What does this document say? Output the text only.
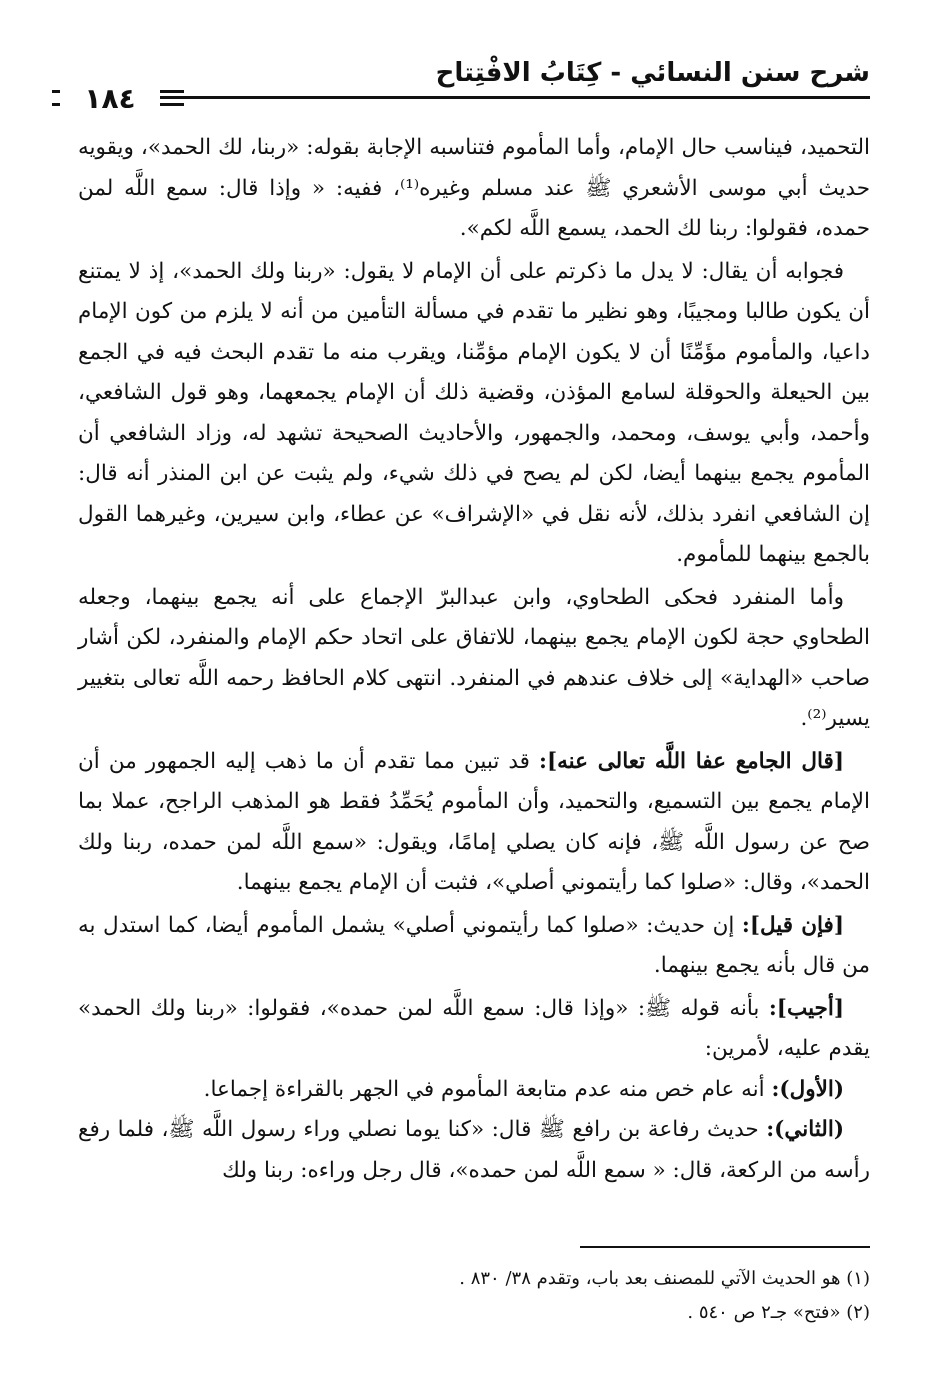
شرح سنن النسائي - كِتَابُ الافْتِتاح
١٨٤

التحميد، فيناسب حال الإمام، وأما المأموم فتناسبه الإجابة بقوله: «ربنا، لك الحمد»، ويقويه حديث أبي موسى الأشعري ﷺ عند مسلم وغيره⁽¹⁾، ففيه: « وإذا قال: سمع اللَّه لمن حمده، فقولوا: ربنا لك الحمد، يسمع اللَّه لكم».

فجوابه أن يقال: لا يدل ما ذكرتم على أن الإمام لا يقول: «ربنا ولك الحمد»، إذ لا يمتنع أن يكون طالبا ومجيبًا، وهو نظير ما تقدم في مسألة التأمين من أنه لا يلزم من كون الإمام داعيا، والمأموم مؤَمِّنًا أن لا يكون الإمام مؤمِّنا، ويقرب منه ما تقدم البحث فيه في الجمع بين الحيعلة والحوقلة لسامع المؤذن، وقضية ذلك أن الإمام يجمعهما، وهو قول الشافعي، وأحمد، وأبي يوسف، ومحمد، والجمهور، والأحاديث الصحيحة تشهد له، وزاد الشافعي أن المأموم يجمع بينهما أيضا، لكن لم يصح في ذلك شيء، ولم يثبت عن ابن المنذر أنه قال: إن الشافعي انفرد بذلك، لأنه نقل في «الإشراف» عن عطاء، وابن سيرين، وغيرهما القول بالجمع بينهما للمأموم.

وأما المنفرد فحكى الطحاوي، وابن عبدالبرّ الإجماع على أنه يجمع بينهما، وجعله الطحاوي حجة لكون الإمام يجمع بينهما، للاتفاق على اتحاد حكم الإمام والمنفرد، لكن أشار صاحب «الهداية» إلى خلاف عندهم في المنفرد. انتهى كلام الحافظ رحمه اللَّه تعالى بتغيير يسير⁽²⁾.

[قال الجامع عفا اللَّه تعالى عنه]: قد تبين مما تقدم أن ما ذهب إليه الجمهور من أن الإمام يجمع بين التسميع، والتحميد، وأن المأموم يُحَمِّدُ فقط هو المذهب الراجح، عملا بما صح عن رسول اللَّه ﷺ، فإنه كان يصلي إمامًا، ويقول: «سمع اللَّه لمن حمده، ربنا ولك الحمد»، وقال: «صلوا كما رأيتموني أصلي»، فثبت أن الإمام يجمع بينهما.

[فإن قيل]: إن حديث: «صلوا كما رأيتموني أصلي» يشمل المأموم أيضا، كما استدل به من قال بأنه يجمع بينهما.

[أجيب]: بأنه قوله ﷺ: «وإذا قال: سمع اللَّه لمن حمده»، فقولوا: «ربنا ولك الحمد» يقدم عليه، لأمرين:

(الأول): أنه عام خص منه عدم متابعة المأموم في الجهر بالقراءة إجماعا.

(الثاني): حديث رفاعة بن رافع ﷺ قال: «كنا يوما نصلي وراء رسول اللَّه ﷺ، فلما رفع رأسه من الركعة، قال: « سمع اللَّه لمن حمده»، قال رجل وراءه: ربنا ولك

(١) هو الحديث الآتي للمصنف بعد باب، وتقدم ٣٨/ ٨٣٠ .

(٢) «فتح» جـ٢ ص ٥٤٠ .
